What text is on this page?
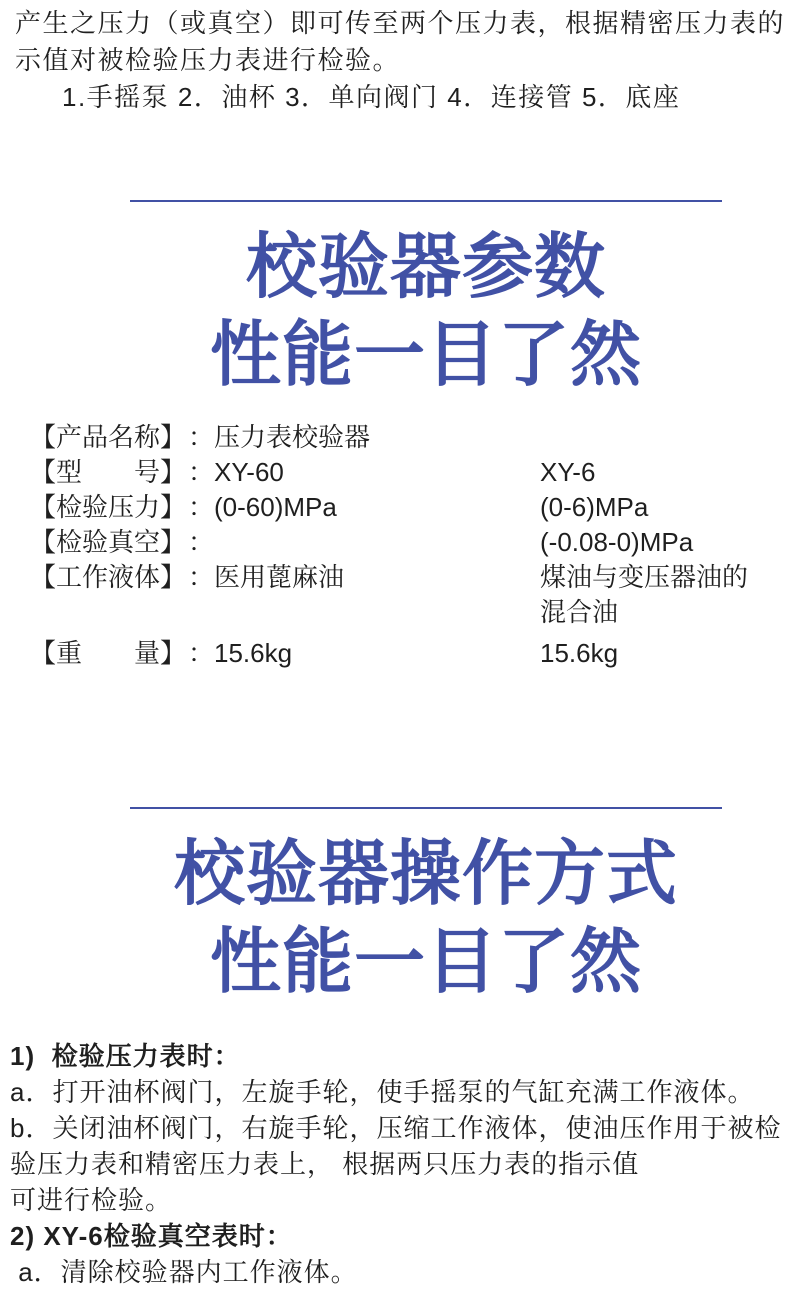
产生之压力（或真空）即可传至两个压力表，根据精密压力表的
示值对被检验压力表进行检验。
1.手摇泵 2．油杯 3．单向阀门 4．连接管 5．底座
校验器参数
性能一目了然
【产品名称】 ： 压力表校验器
【型　　号】 ： XY-60	XY-6
【检验压力】 ： (0-60)MPa	(0-6)MPa
【检验真空】 ：	(-0.08-0)MPa
【工作液体】 ： 医用蓖麻油	煤油与变压器油的混合油
【重　　量】 ： 15.6kg	15.6kg
校验器操作方式
性能一目了然
1)  检验压力表时：
a．打开油杯阀门，左旋手轮，使手摇泵的气缸充满工作液体。
b．关闭油杯阀门，右旋手轮，压缩工作液体，使油压作用于被检
验压力表和精密压力表上， 根据两只压力表的指示值
可进行检验。
2) XY-6检验真空表时：
a．清除校验器内工作液体。
